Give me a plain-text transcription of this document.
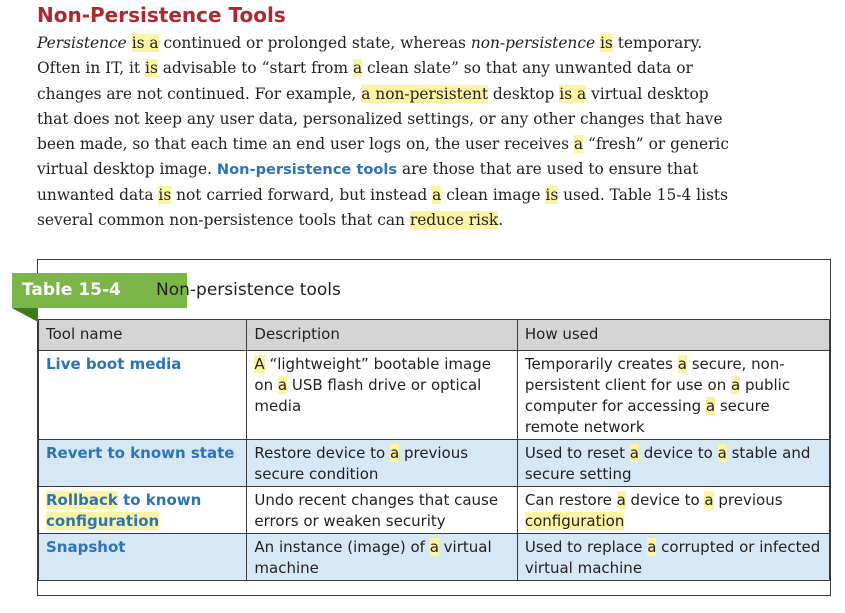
Non-Persistence Tools

Persistence is a continued or prolonged state, whereas non-persistence is temporary.
Often in IT, it is advisable to “start from a clean slate” so that any unwanted data or
changes are not continued. For example, a non-persistent desktop is a virtual desktop
that does not keep any user data, personalized settings, or any other changes that have
been made, so that each time an end user logs on, the user receives a “fresh” or generic
virtual desktop image. Non-persistence tools are those that are used to ensure that
unwanted data is not carried forward, but instead a clean image is used. Table 15-4 lists
several common non-persistence tools that can reduce risk.

Table 15-4	Non-persistence tools
Tool name	Description	How used
Live boot media	A “lightweight” bootable image on a USB flash drive or optical media	Temporarily creates a secure, non-persistent client for use on a public computer for accessing a secure remote network
Revert to known state	Restore device to a previous secure condition	Used to reset a device to a stable and secure setting
Rollback to known configuration	Undo recent changes that cause errors or weaken security	Can restore a device to a previous configuration
Snapshot	An instance (image) of a virtual machine	Used to replace a corrupted or infected virtual machine
